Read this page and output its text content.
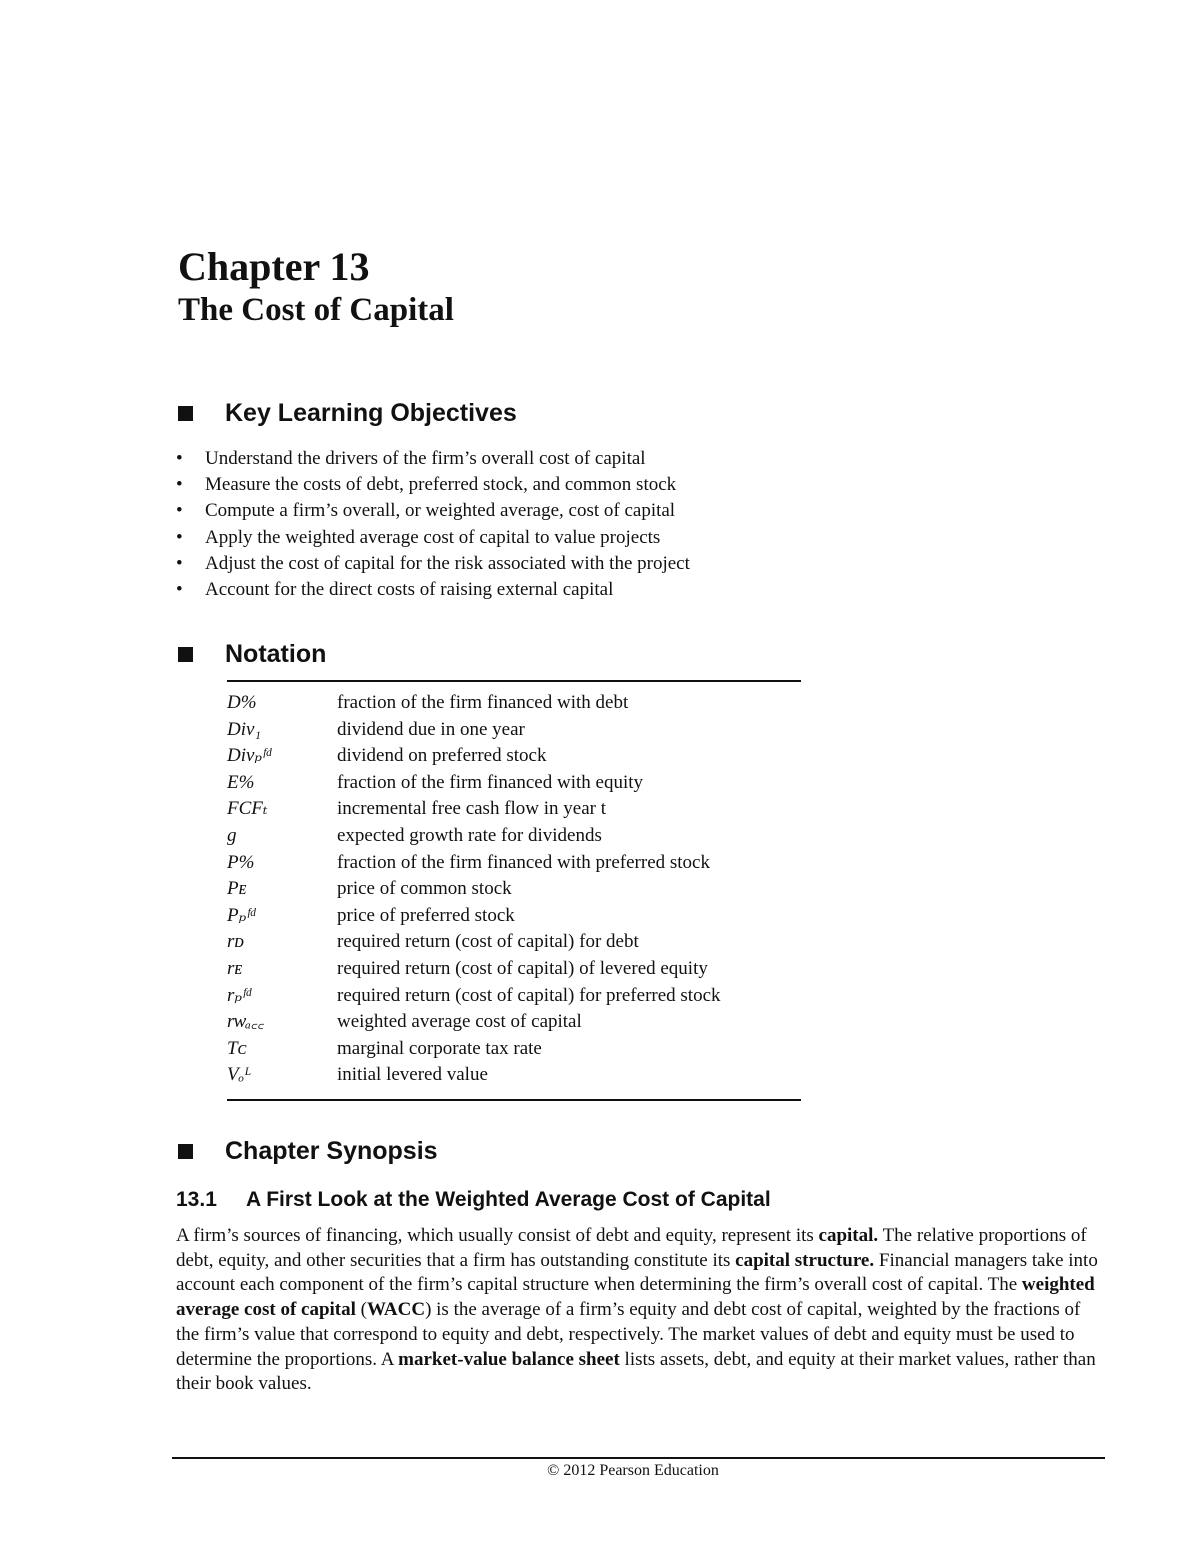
Chapter 13
The Cost of Capital
Key Learning Objectives
•	Understand the drivers of the firm’s overall cost of capital
•	Measure the costs of debt, preferred stock, and common stock
•	Compute a firm’s overall, or weighted average, cost of capital
•	Apply the weighted average cost of capital to value projects
•	Adjust the cost of capital for the risk associated with the project
•	Account for the direct costs of raising external capital
Notation
D%	fraction of the firm financed with debt
Div₁	dividend due in one year
Divₚᶠᵈ	dividend on preferred stock
E%	fraction of the firm financed with equity
FCFₜ	incremental free cash flow in year t
g	expected growth rate for dividends
P%	fraction of the firm financed with preferred stock
Pᴇ	price of common stock
Pₚᶠᵈ	price of preferred stock
rᴅ	required return (cost of capital) for debt
rᴇ	required return (cost of capital) of levered equity
rₚᶠᵈ	required return (cost of capital) for preferred stock
rᴡₐ꜀꜀	weighted average cost of capital
Tᴄ	marginal corporate tax rate
Vₒᴸ	initial levered value
Chapter Synopsis
13.1 A First Look at the Weighted Average Cost of Capital
A firm’s sources of financing, which usually consist of debt and equity, represent its capital. The relative proportions of debt, equity, and other securities that a firm has outstanding constitute its capital structure. Financial managers take into account each component of the firm’s capital structure when determining the firm’s overall cost of capital. The weighted average cost of capital (WACC) is the average of a firm’s equity and debt cost of capital, weighted by the fractions of the firm’s value that correspond to equity and debt, respectively. The market values of debt and equity must be used to determine the proportions. A market-value balance sheet lists assets, debt, and equity at their market values, rather than their book values.
© 2012 Pearson Education
